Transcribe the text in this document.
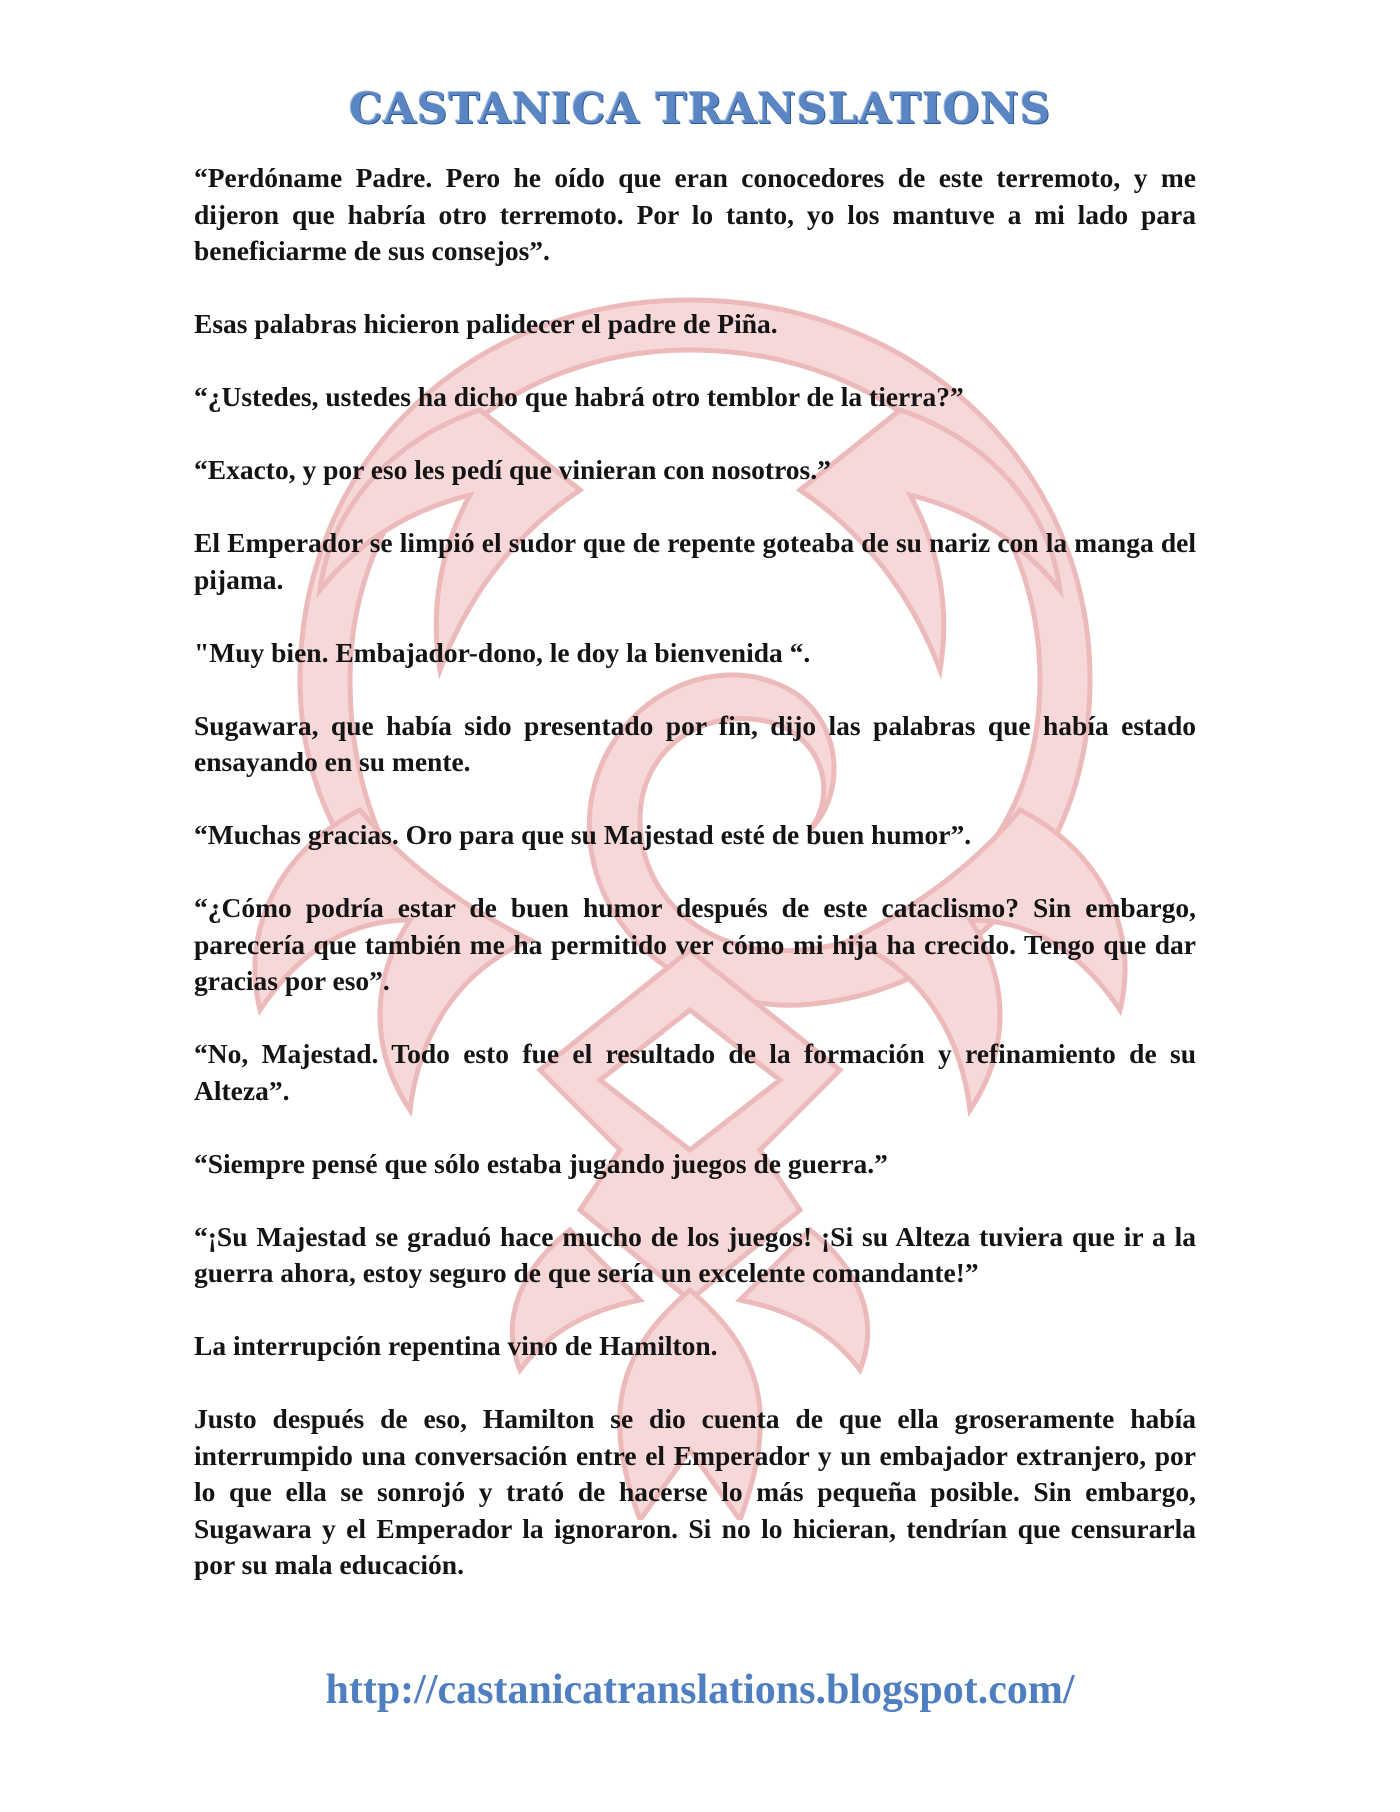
CASTANICA TRANSLATIONS

“Perdóname Padre. Pero he oído que eran conocedores de este terremoto, y me dijeron que habría otro terremoto. Por lo tanto, yo los mantuve a mi lado para beneficiarme de sus consejos”.

Esas palabras hicieron palidecer el padre de Piña.

“¿Ustedes, ustedes ha dicho que habrá otro temblor de la tierra?”

“Exacto, y por eso les pedí que vinieran con nosotros.”

El Emperador se limpió el sudor que de repente goteaba de su nariz con la manga del pijama.

"Muy bien. Embajador-dono, le doy la bienvenida “.

Sugawara, que había sido presentado por fin, dijo las palabras que había estado ensayando en su mente.

“Muchas gracias. Oro para que su Majestad esté de buen humor”.

“¿Cómo podría estar de buen humor después de este cataclismo? Sin embargo, parecería que también me ha permitido ver cómo mi hija ha crecido. Tengo que dar gracias por eso”.

“No, Majestad. Todo esto fue el resultado de la formación y refinamiento de su Alteza”.

“Siempre pensé que sólo estaba jugando juegos de guerra.”

“¡Su Majestad se graduó hace mucho de los juegos! ¡Si su Alteza tuviera que ir a la guerra ahora, estoy seguro de que sería un excelente comandante!”

La interrupción repentina vino de Hamilton.

Justo después de eso, Hamilton se dio cuenta de que ella groseramente había interrumpido una conversación entre el Emperador y un embajador extranjero, por lo que ella se sonrojó y trató de hacerse lo más pequeña posible. Sin embargo, Sugawara y el Emperador la ignoraron. Si no lo hicieran, tendrían que censurarla por su mala educación.

http://castanicatranslations.blogspot.com/
